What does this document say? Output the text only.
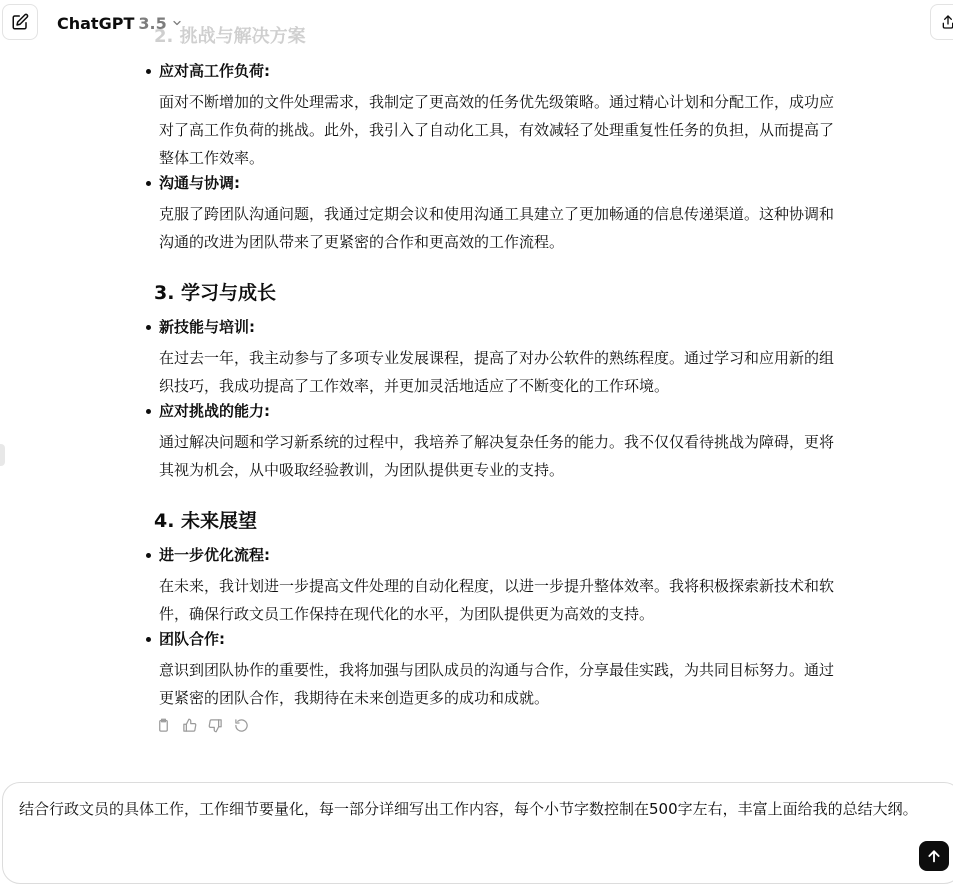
ChatGPT 3.5
2. 挑战与解决方案
应对高工作负荷:
面对不断增加的文件处理需求，我制定了更高效的任务优先级策略。通过精心计划和分配工作，成功应对了高工作负荷的挑战。此外，我引入了自动化工具，有效减轻了处理重复性任务的负担，从而提高了整体工作效率。
沟通与协调:
克服了跨团队沟通问题，我通过定期会议和使用沟通工具建立了更加畅通的信息传递渠道。这种协调和沟通的改进为团队带来了更紧密的合作和更高效的工作流程。
3. 学习与成长
新技能与培训:
在过去一年，我主动参与了多项专业发展课程，提高了对办公软件的熟练程度。通过学习和应用新的组织技巧，我成功提高了工作效率，并更加灵活地适应了不断变化的工作环境。
应对挑战的能力:
通过解决问题和学习新系统的过程中，我培养了解决复杂任务的能力。我不仅仅看待挑战为障碍，更将其视为机会，从中吸取经验教训，为团队提供更专业的支持。
4. 未来展望
进一步优化流程:
在未来，我计划进一步提高文件处理的自动化程度，以进一步提升整体效率。我将积极探索新技术和软件，确保行政文员工作保持在现代化的水平，为团队提供更为高效的支持。
团队合作:
意识到团队协作的重要性，我将加强与团队成员的沟通与合作，分享最佳实践，为共同目标努力。通过更紧密的团队合作，我期待在未来创造更多的成功和成就。
结合行政文员的具体工作，工作细节要量化，每一部分详细写出工作内容，每个小节字数控制在500字左右，丰富上面给我的总结大纲。
